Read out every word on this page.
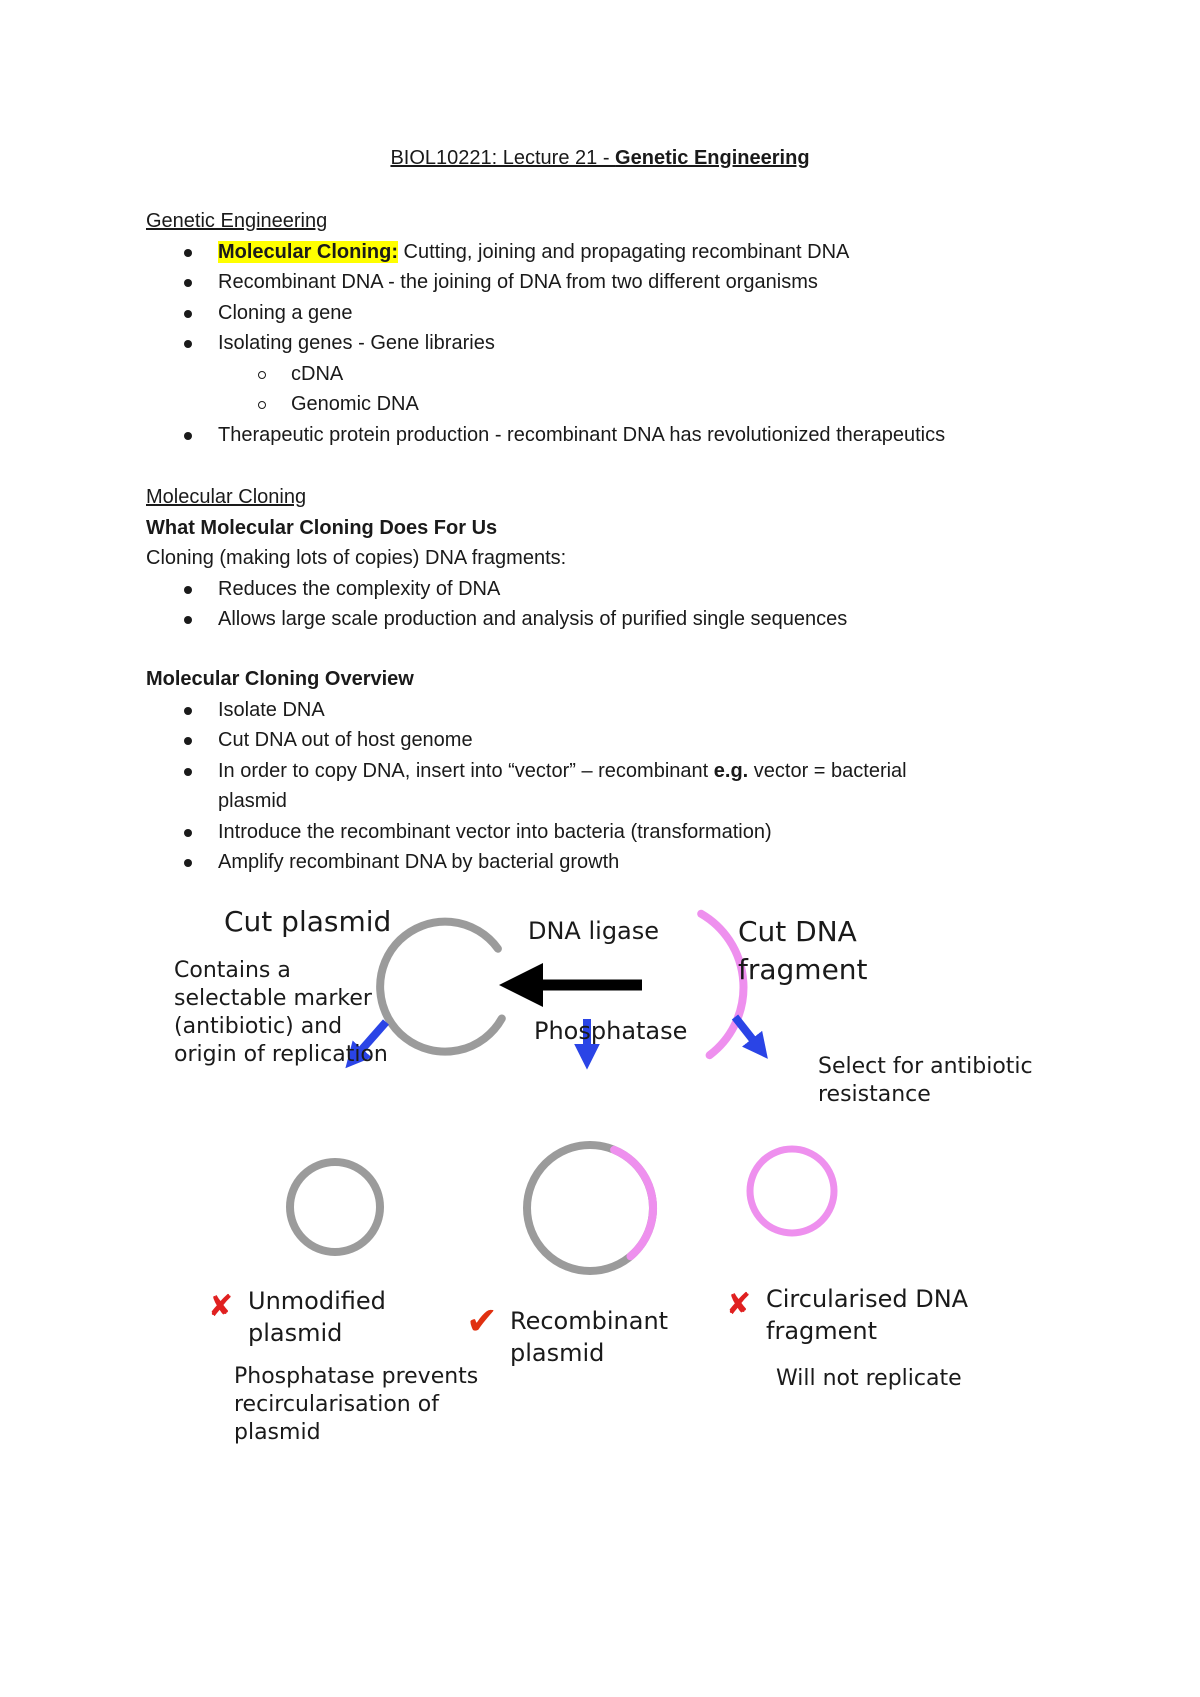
BIOL10221: Lecture 21 - Genetic Engineering
Genetic Engineering
Molecular Cloning: Cutting, joining and propagating recombinant DNA
Recombinant DNA - the joining of DNA from two different organisms
Cloning a gene
Isolating genes - Gene libraries
cDNA
Genomic DNA
Therapeutic protein production - recombinant DNA has revolutionized therapeutics
Molecular Cloning
What Molecular Cloning Does For Us
Cloning (making lots of copies) DNA fragments:
Reduces the complexity of DNA
Allows large scale production and analysis of purified single sequences
Molecular Cloning Overview
Isolate DNA
Cut DNA out of host genome
In order to copy DNA, insert into “vector” – recombinant e.g. vector = bacterial plasmid
Introduce the recombinant vector into bacteria (transformation)
Amplify recombinant DNA by bacterial growth
Cut plasmid
Contains a
selectable marker
(antibiotic) and
origin of replication
DNA ligase
Phosphatase
Cut DNA
fragment
Select for antibiotic
resistance
✘ Unmodified
plasmid
Phosphatase prevents
recircularisation of
plasmid
✔ Recombinant
plasmid
✘ Circularised DNA
fragment
Will not replicate
